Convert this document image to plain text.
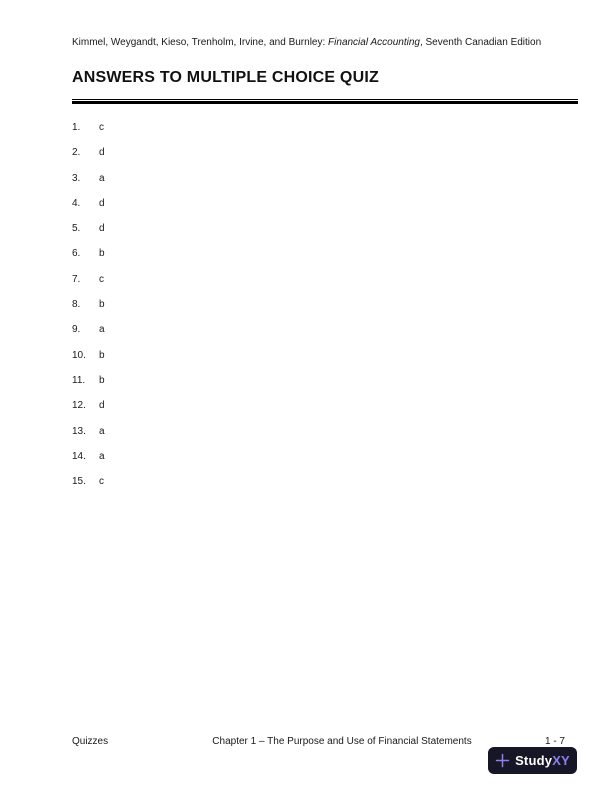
Kimmel, Weygandt, Kieso, Trenholm, Irvine, and Burnley: Financial Accounting, Seventh Canadian Edition
ANSWERS TO MULTIPLE CHOICE QUIZ
1. c
2. d
3. a
4. d
5. d
6. b
7. c
8. b
9. a
10. b
11. b
12. d
13. a
14. a
15. c
Quizzes	Chapter 1 – The Purpose and Use of Financial Statements	1 - 7
StudyXY
